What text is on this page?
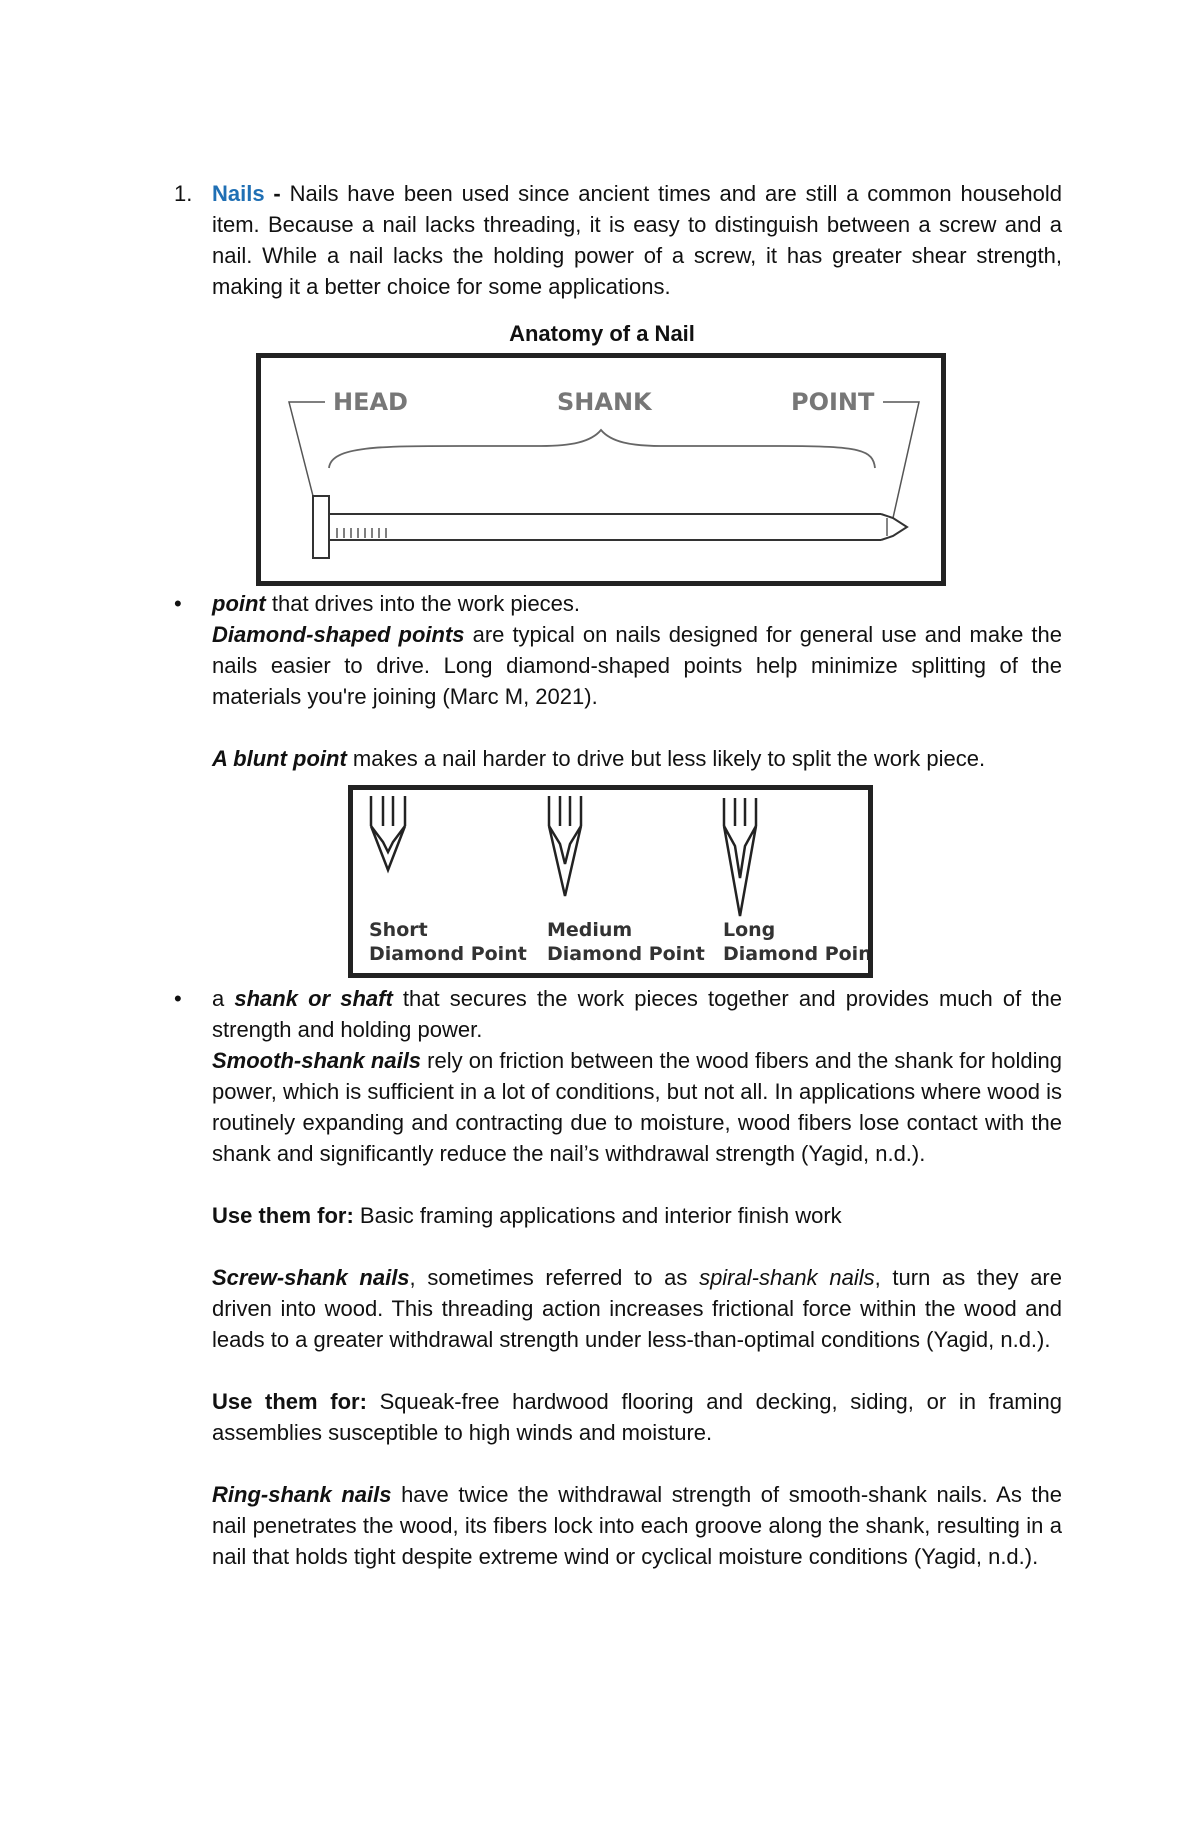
1. Nails - Nails have been used since ancient times and are still a common household item. Because a nail lacks threading, it is easy to distinguish between a screw and a nail. While a nail lacks the holding power of a screw, it has greater shear strength, making it a better choice for some applications.

Anatomy of a Nail

HEAD	SHANK	POINT
• point that drives into the work pieces.

Diamond-shaped points are typical on nails designed for general use and make the nails easier to drive. Long diamond-shaped points help minimize splitting of the materials you're joining (Marc M, 2021).

A blunt point makes a nail harder to drive but less likely to split the work piece.

Short
Diamond Point
Medium
Diamond Point
Long
Diamond Point
• a shank or shaft that secures the work pieces together and provides much of the strength and holding power.

Smooth-shank nails rely on friction between the wood fibers and the shank for holding power, which is sufficient in a lot of conditions, but not all. In applications where wood is routinely expanding and contracting due to moisture, wood fibers lose contact with the shank and significantly reduce the nail’s withdrawal strength (Yagid, n.d.).

Use them for: Basic framing applications and interior finish work

Screw-shank nails, sometimes referred to as spiral-shank nails, turn as they are driven into wood. This threading action increases frictional force within the wood and leads to a greater withdrawal strength under less-than-optimal conditions (Yagid, n.d.).

Use them for: Squeak-free hardwood flooring and decking, siding, or in framing assemblies susceptible to high winds and moisture.

Ring-shank nails have twice the withdrawal strength of smooth-shank nails. As the nail penetrates the wood, its fibers lock into each groove along the shank, resulting in a nail that holds tight despite extreme wind or cyclical moisture conditions (Yagid, n.d.).
